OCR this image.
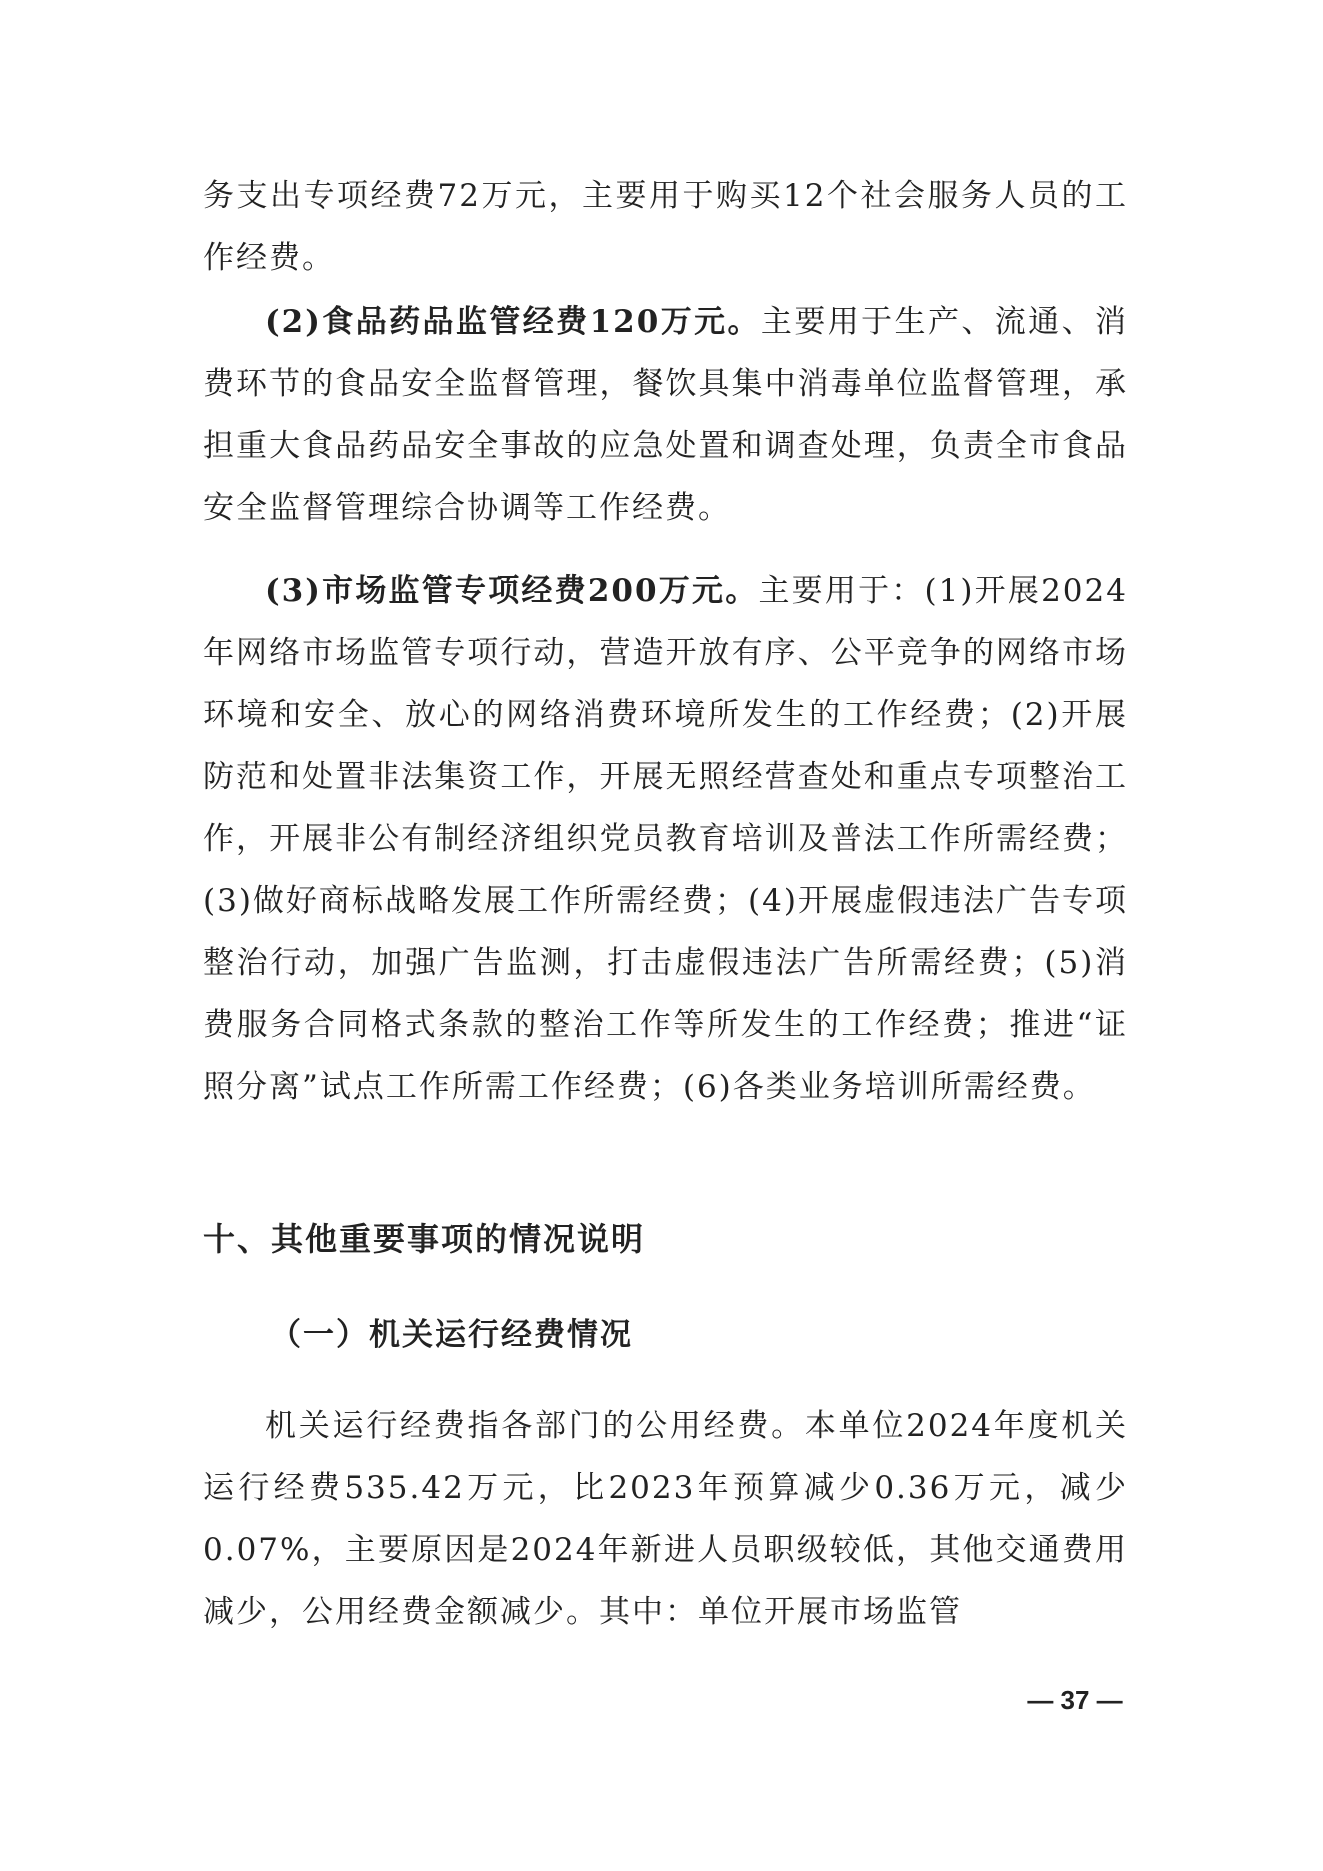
务支出专项经费72万元，主要用于购买12个社会服务人员的工作经费。

(2)食品药品监管经费120万元。主要用于生产、流通、消费环节的食品安全监督管理，餐饮具集中消毒单位监督管理，承担重大食品药品安全事故的应急处置和调查处理，负责全市食品安全监督管理综合协调等工作经费。

(3)市场监管专项经费200万元。主要用于：(1)开展2024年网络市场监管专项行动，营造开放有序、公平竞争的网络市场环境和安全、放心的网络消费环境所发生的工作经费；(2)开展防范和处置非法集资工作，开展无照经营查处和重点专项整治工作，开展非公有制经济组织党员教育培训及普法工作所需经费；(3)做好商标战略发展工作所需经费；(4)开展虚假违法广告专项整治行动，加强广告监测，打击虚假违法广告所需经费；(5)消费服务合同格式条款的整治工作等所发生的工作经费；推进“证照分离”试点工作所需工作经费；(6)各类业务培训所需经费。

十、其他重要事项的情况说明
（一）机关运行经费情况

机关运行经费指各部门的公用经费。本单位2024年度机关运行经费535.42万元，比2023年预算减少0.36万元，减少0.07%，主要原因是2024年新进人员职级较低，其他交通费用减少，公用经费金额减少。其中：单位开展市场监管

— 37 —
